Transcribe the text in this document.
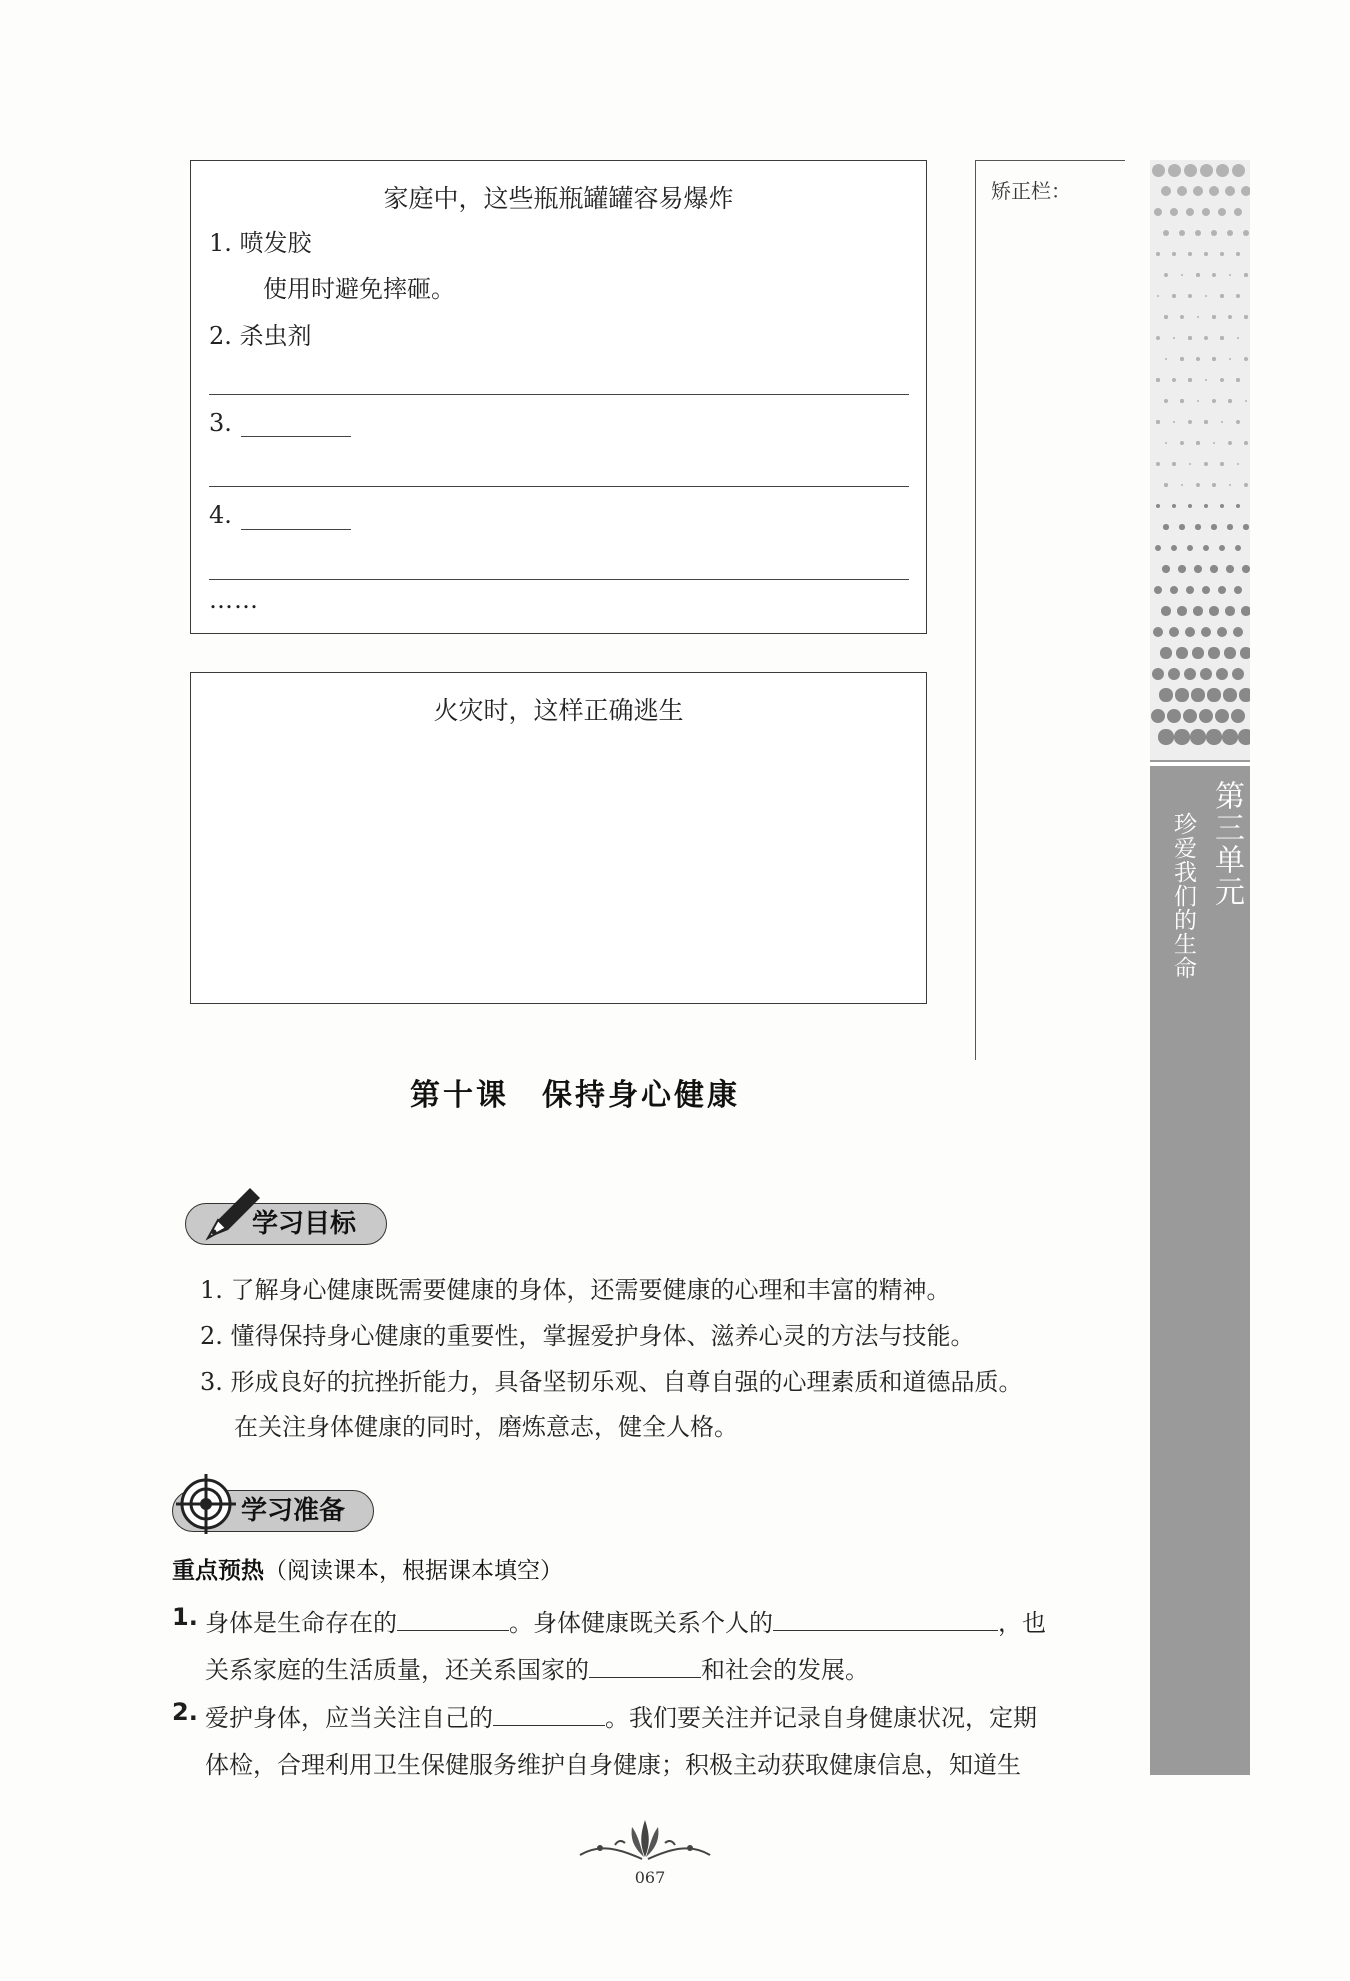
家庭中，这些瓶瓶罐罐容易爆炸
1. 喷发胶
使用时避免摔砸。
2. 杀虫剂
3.
4.
……
火灾时，这样正确逃生
矫正栏：
第三单元
珍爱我们的生命
第十课　保持身心健康
学习目标
1. 了解身心健康既需要健康的身体，还需要健康的心理和丰富的精神。
2. 懂得保持身心健康的重要性，掌握爱护身体、滋养心灵的方法与技能。
3. 形成良好的抗挫折能力，具备坚韧乐观、自尊自强的心理素质和道德品质。
在关注身体健康的同时，磨炼意志，健全人格。
学习准备
重点预热（阅读课本，根据课本填空）
1. 身体是生命存在的	。身体健康既关系个人的	，也
关系家庭的生活质量，还关系国家的	和社会的发展。
2. 爱护身体，应当关注自己的	。我们要关注并记录自身健康状况，定期
体检，合理利用卫生保健服务维护自身健康；积极主动获取健康信息，知道生
067
